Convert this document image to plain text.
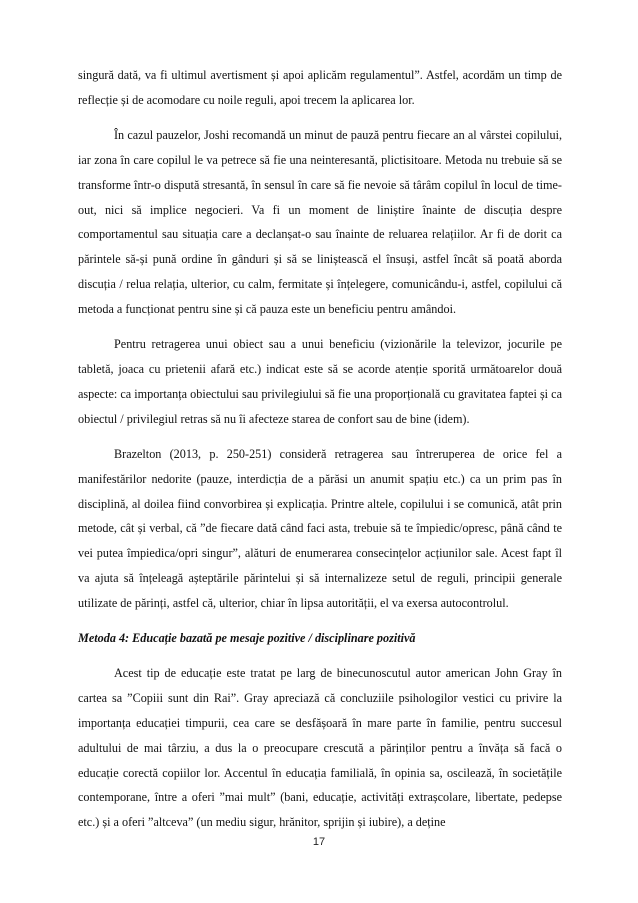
singură dată, va fi ultimul avertisment și apoi aplicăm regulamentul”. Astfel, acordăm un timp de reflecție și de acomodare cu noile reguli, apoi trecem la aplicarea lor.

În cazul pauzelor, Joshi recomandă un minut de pauză pentru fiecare an al vârstei copilului, iar zona în care copilul le va petrece să fie una neinteresantă, plictisitoare. Metoda nu trebuie să se transforme într-o dispută stresantă, în sensul în care să fie nevoie să târâm copilul în locul de time-out, nici să implice negocieri. Va fi un moment de liniștire înainte de discuția despre comportamentul sau situația care a declanșat-o sau înainte de reluarea relațiilor. Ar fi de dorit ca părintele să-și pună ordine în gânduri și să se liniștească el însuși, astfel încât să poată aborda discuția / relua relația, ulterior, cu calm, fermitate și înțelegere, comunicându-i, astfel, copilului că metoda a funcționat pentru sine și că pauza este un beneficiu pentru amândoi.

Pentru retragerea unui obiect sau a unui beneficiu (vizionările la televizor, jocurile pe tabletă, joaca cu prietenii afară etc.) indicat este să se acorde atenție sporită următoarelor două aspecte: ca importanța obiectului sau privilegiului să fie una proporțională cu gravitatea faptei și ca obiectul / privilegiul retras să nu îi afecteze starea de confort sau de bine (idem).

Brazelton (2013, p. 250-251) consideră retragerea sau întreruperea de orice fel a manifestărilor nedorite (pauze, interdicția de a părăsi un anumit spațiu etc.) ca un prim pas în disciplină, al doilea fiind convorbirea și explicația. Printre altele, copilului i se comunică, atât prin metode, cât și verbal, că ”de fiecare dată când faci asta, trebuie să te împiedic/opresc, până când te vei putea împiedica/opri singur”, alături de enumerarea consecințelor acțiunilor sale. Acest fapt îl va ajuta să înțeleagă așteptările părintelui și să internalizeze setul de reguli, principii generale utilizate de părinți, astfel că, ulterior, chiar în lipsa autorității, el va exersa autocontrolul.

Metoda 4: Educație bazată pe mesaje pozitive / disciplinare pozitivă

Acest tip de educație este tratat pe larg de binecunoscutul autor american John Gray în cartea sa ”Copiii sunt din Rai”. Gray apreciază că concluziile psihologilor vestici cu privire la importanța educației timpurii, cea care se desfășoară în mare parte în familie, pentru succesul adultului de mai târziu, a dus la o preocupare crescută a părinților pentru a învăța să facă o educație corectă copiilor lor. Accentul în educația familială, în opinia sa, oscilează, în societățile contemporane, între a oferi ”mai mult” (bani, educație, activități extrașcolare, libertate, pedepse etc.) și a oferi ”altceva” (un mediu sigur, hrănitor, sprijin și iubire), a deține

17
